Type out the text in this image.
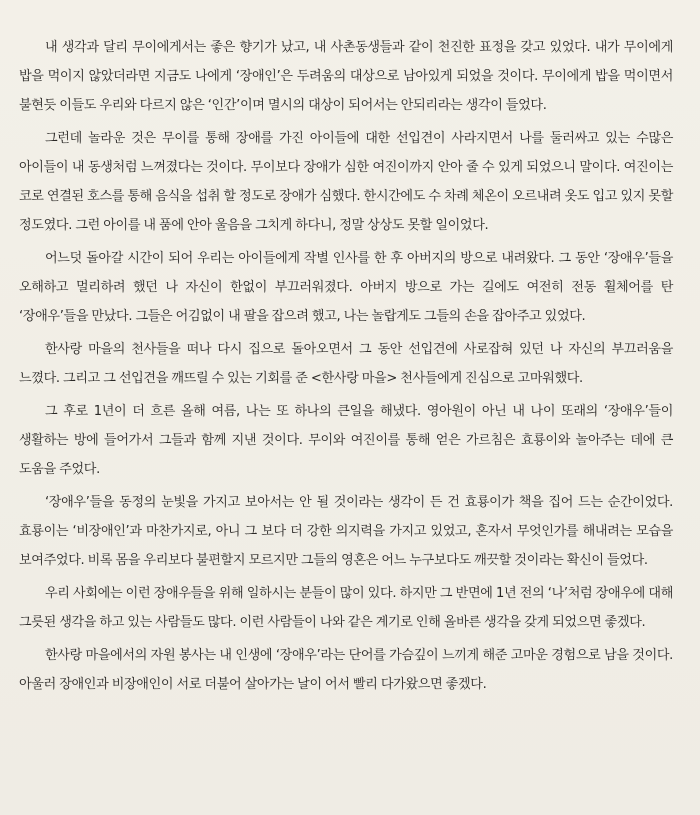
내 생각과 달리 무이에게서는 좋은 향기가 났고, 내 사촌동생들과 같이 천진한 표정을 갖고 있었다. 내가 무이에게 밥을 먹이지 않았더라면 지금도 나에게 ‘장애인’은 두려움의 대상으로 남아있게 되었을 것이다. 무이에게 밥을 먹이면서 불현듯 이들도 우리와 다르지 않은 ‘인간’이며 멸시의 대상이 되어서는 안되리라는 생각이 들었다.

그런데 놀라운 것은 무이를 통해 장애를 가진 아이들에 대한 선입견이 사라지면서 나를 둘러싸고 있는 수많은 아이들이 내 동생처럼 느껴졌다는 것이다. 무이보다 장애가 심한 여진이까지 안아 줄 수 있게 되었으니 말이다. 여진이는 코로 연결된 호스를 통해 음식을 섭취 할 정도로 장애가 심했다. 한시간에도 수 차례 체온이 오르내려 옷도 입고 있지 못할 정도였다. 그런 아이를 내 품에 안아 울음을 그치게 하다니, 정말 상상도 못할 일이었다.

어느덧 돌아갈 시간이 되어 우리는 아이들에게 작별 인사를 한 후 아버지의 방으로 내려왔다. 그 동안 ‘장애우’들을 오해하고 멀리하려 했던 나 자신이 한없이 부끄러워졌다. 아버지 방으로 가는 길에도 여전히 전동 휠체어를 탄 ‘장애우’들을 만났다. 그들은 어김없이 내 팔을 잡으려 했고, 나는 놀랍게도 그들의 손을 잡아주고 있었다.

한사랑 마을의 천사들을 떠나 다시 집으로 돌아오면서 그 동안 선입견에 사로잡혀 있던 나 자신의 부끄러움을 느꼈다. 그리고 그 선입견을 깨뜨릴 수 있는 기회를 준 <한사랑 마을> 천사들에게 진심으로 고마워했다.

그 후로 1년이 더 흐른 올해 여름, 나는 또 하나의 큰일을 해냈다. 영아원이 아닌 내 나이 또래의 ‘장애우’들이 생활하는 방에 들어가서 그들과 함께 지낸 것이다. 무이와 여진이를 통해 얻은 가르침은 효룡이와 놀아주는 데에 큰 도움을 주었다.

‘장애우’들을 동정의 눈빛을 가지고 보아서는 안 될 것이라는 생각이 든 건 효룡이가 책을 집어 드는 순간이었다. 효룡이는 ‘비장애인’과 마찬가지로, 아니 그 보다 더 강한 의지력을 가지고 있었고, 혼자서 무엇인가를 해내려는 모습을 보여주었다. 비록 몸을 우리보다 불편할지 모르지만 그들의 영혼은 어느 누구보다도 깨끗할 것이라는 확신이 들었다.

우리 사회에는 이런 장애우들을 위해 일하시는 분들이 많이 있다. 하지만 그 반면에 1년 전의 ‘나’처럼 장애우에 대해 그릇된 생각을 하고 있는 사람들도 많다. 이런 사람들이 나와 같은 계기로 인해 올바른 생각을 갖게 되었으면 좋겠다.

한사랑 마을에서의 자원 봉사는 내 인생에 ‘장애우’라는 단어를 가슴깊이 느끼게 해준 고마운 경험으로 남을 것이다. 아울러 장애인과 비장애인이 서로 더불어 살아가는 날이 어서 빨리 다가왔으면 좋겠다.
